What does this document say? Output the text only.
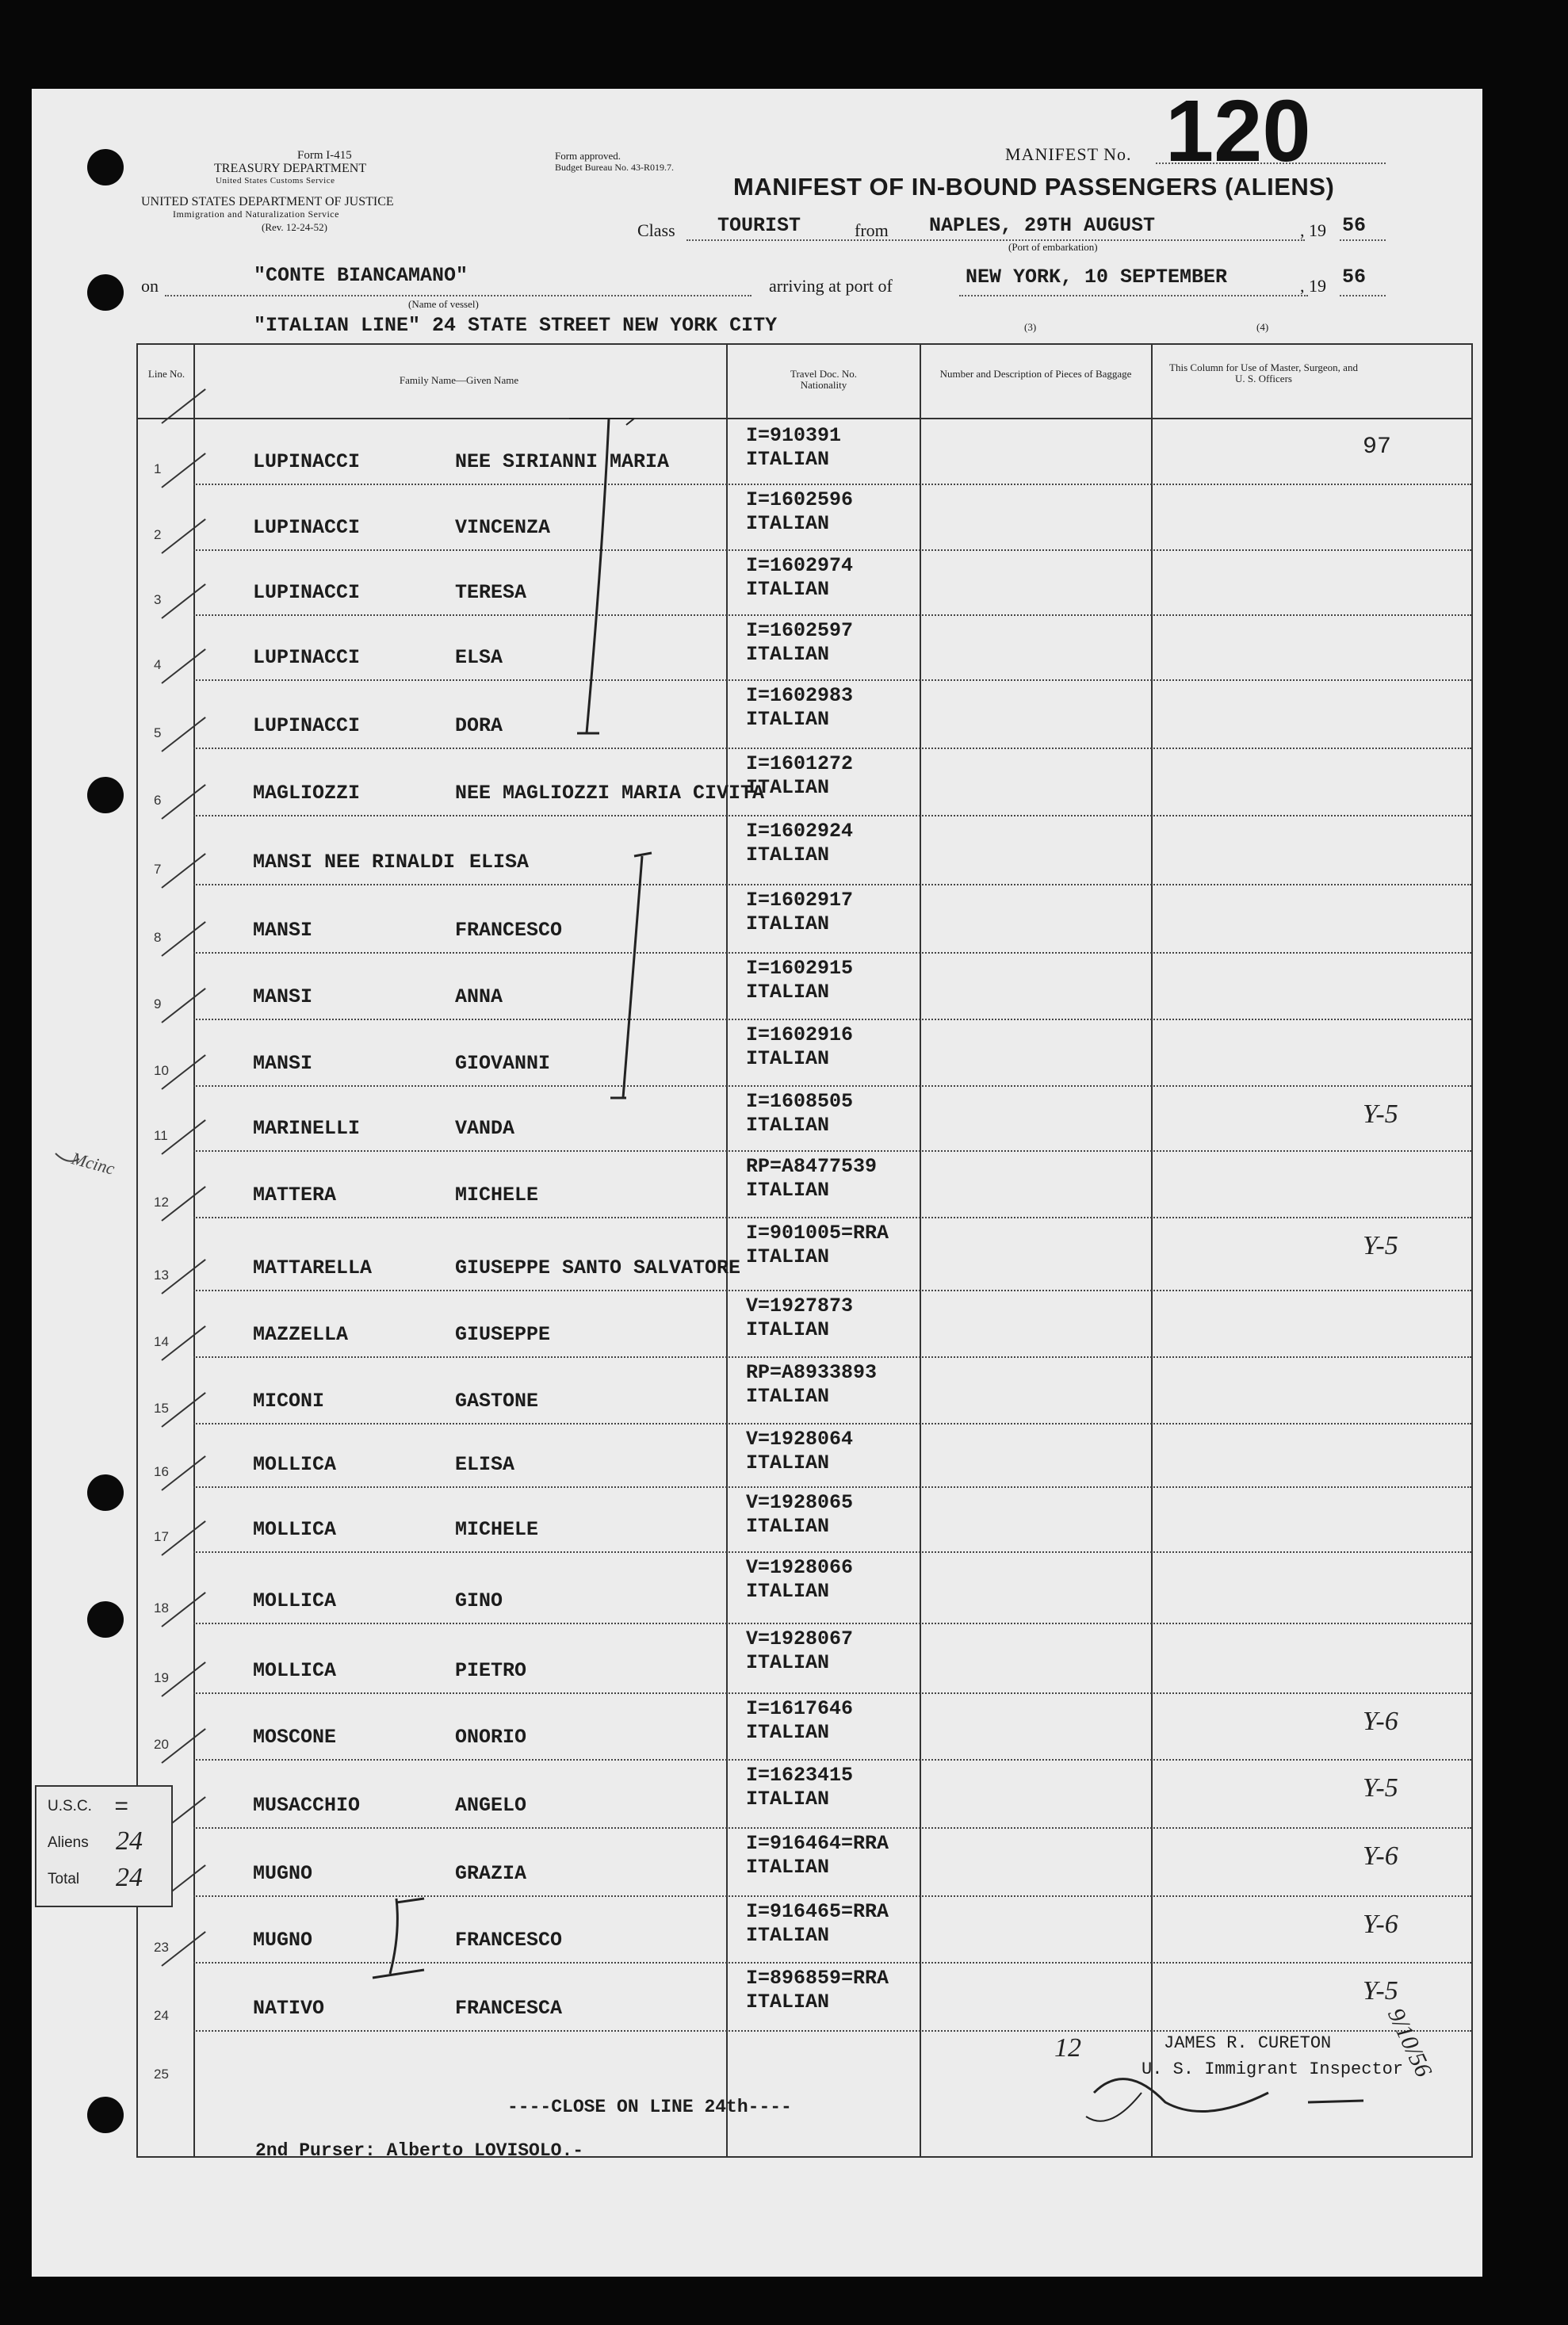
Form I-415
TREASURY DEPARTMENT
United States Customs Service
UNITED STATES DEPARTMENT OF JUSTICE
Immigration and Naturalization Service
(Rev. 12-24-52)
Form approved.
Budget Bureau No. 43-R019.7.
MANIFEST No. 120
MANIFEST OF IN-BOUND PASSENGERS (ALIENS)
Class TOURIST	from NAPLES, 29TH AUGUST
(Port of embarkation)
, 19 56
on	"CONTE BIANCAMANO"
(Name of vessel)
arriving at port of	NEW YORK, 10 SEPTEMBER	, 19 56
"ITALIAN LINE" 24 STATE STREET NEW YORK CITY	(3)	(4)
Line No.
Family Name—Given Name
Travel Doc. No. Nationality
Number and Description of Pieces of Baggage
This Column for Use of Master, Surgeon, and U. S. Officers
1	LUPINACCI	NEE SIRIANNI MARIA
I=910391
ITALIAN	97
2	LUPINACCI	VINCENZA
I=1602596
ITALIAN
3	LUPINACCI	TERESA
I=1602974
ITALIAN
4	LUPINACCI	ELSA
I=1602597
ITALIAN
5	LUPINACCI	DORA
I=1602983
ITALIAN
6	MAGLIOZZI	NEE MAGLIOZZI MARIA CIVITA
I=1601272
ITALIAN
7	MANSI NEE RINALDI ELISA
I=1602924
ITALIAN
8	MANSI	FRANCESCO
I=1602917
ITALIAN
9	MANSI	ANNA
I=1602915
ITALIAN
10	MANSI	GIOVANNI
I=1602916
ITALIAN
11	MARINELLI	VANDA
I=1608505
ITALIAN	Y-5
12	MATTERA	MICHELE
RP=A8477539
ITALIAN
13	MATTARELLA	GIUSEPPE SANTO SALVATORE
I=901005=RRA
ITALIAN	Y-5
14	MAZZELLA	GIUSEPPE
V=1927873
ITALIAN
15	MICONI	GASTONE
RP=A8933893
ITALIAN
16	MOLLICA	ELISA
V=1928064
ITALIAN
17	MOLLICA	MICHELE
V=1928065
ITALIAN
18	MOLLICA	GINO
V=1928066
ITALIAN
19	MOLLICA	PIETRO
V=1928067
ITALIAN
20	MOSCONE	ONORIO
I=1617646
ITALIAN	Y-6
MUSACCHIO	ANGELO
I=1623415
ITALIAN	Y-5
MUGNO	GRAZIA
I=916464=RRA
ITALIAN	Y-6
23	MUGNO	FRANCESCO
I=916465=RRA
ITALIAN	Y-6
24	NATIVO	FRANCESCA
I=896859=RRA
ITALIAN	Y-5
25
----CLOSE ON LINE 24th----
Mcinc
JAMES R. CURETON
U. S. Immigrant Inspector
9/10/56
12
2nd Purser: Alberto LOVISOLO.-
U.S.C. =
Aliens 24
Total 24
